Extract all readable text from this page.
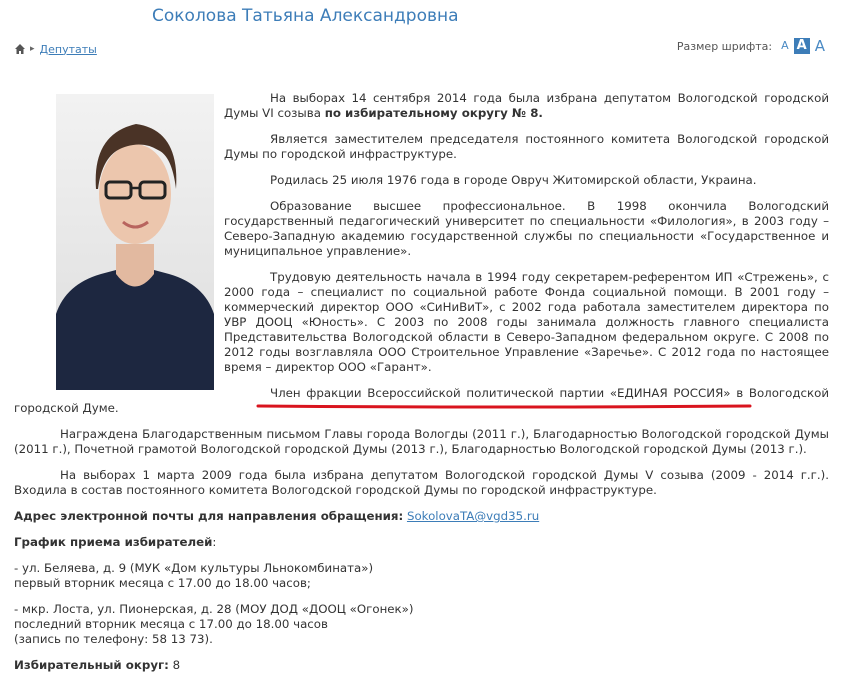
Соколова Татьяна Александровна
▸ Депутаты	Размер шрифта: А А А

На выборах 14 сентября 2014 года была избрана депутатом Вологодской городской Думы VI созыва по избирательному округу № 8.

Является заместителем председателя постоянного комитета Вологодской городской Думы по городской инфраструктуре.

Родилась 25 июля 1976 года в городе Овруч Житомирской области, Украина.

Образование высшее профессиональное. В 1998 окончила Вологодский государственный педагогический университет по специальности «Филология», в 2003 году – Северо-Западную академию государственной службы по специальности «Государственное и муниципальное управление».

Трудовую деятельность начала в 1994 году секретарем-референтом ИП «Стрежень», с 2000 года – специалист по социальной работе Фонда социальной помощи. В 2001 году – коммерческий директор ООО «СиНиВиТ», с 2002 года работала заместителем директора по УВР ДООЦ «Юность». С 2003 по 2008 годы занимала должность главного специалиста Представительства Вологодской области в Северо-Западном федеральном округе. С 2008 по 2012 годы возглавляла ООО Строительное Управление «Заречье». С 2012 года по настоящее время – директор ООО «Гарант».

Член фракции Всероссийской политической партии «ЕДИНАЯ РОССИЯ» в Вологодской городской Думе.

Награждена Благодарственным письмом Главы города Вологды (2011 г.), Благодарностью Вологодской городской Думы (2011 г.), Почетной грамотой Вологодской городской Думы (2013 г.), Благодарностью Вологодской городской Думы (2013 г.).

На выборах 1 марта 2009 года была избрана депутатом Вологодской городской Думы V созыва (2009 - 2014 г.г.). Входила в состав постоянного комитета Вологодской городской Думы по городской инфраструктуре.

Адрес электронной почты для направления обращения: SokolovaTA@vgd35.ru

График приема избирателей:

- ул. Беляева, д. 9 (МУК «Дом культуры Льнокомбината»)
первый вторник месяца с 17.00 до 18.00 часов;

- мкр. Лоста, ул. Пионерская, д. 28 (МОУ ДОД «ДООЦ «Огонек»)
последний вторник месяца с 17.00 до 18.00 часов
(запись по телефону: 58 13 73).

Избирательный округ: 8
